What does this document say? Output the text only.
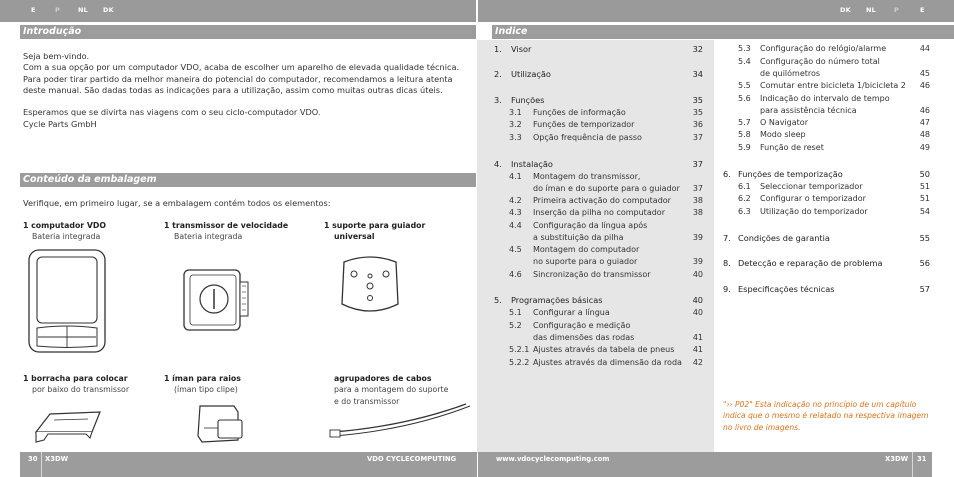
E	P	NL DK	DK NL	P	E
Introdução
Seja bem-vindo.
Com a sua opção por um computador VDO, acaba de escolher um aparelho de elevada qualidade técnica.
Para poder tirar partido da melhor maneira do potencial do computador, recomendamos a leitura atenta
deste manual. São dadas todas as indicações para a utilização, assim como muitas outras dicas úteis.
Esperamos que se divirta nas viagens com o seu ciclo-computador VDO.
Cycle Parts GmbH
Conteúdo da embalagem
Verifique, em primeiro lugar, se a embalagem contém todos os elementos:
1 computador VDO
Bateria integrada
1 transmissor de velocidade
Bateria integrada
1 suporte para guiador
universal
1 borracha para colocar
por baixo do transmissor
1 íman para raios
(íman tipo clipe)
agrupadores de cabos
para a montagem do suporte
e do transmissor
Indice
1. Visor	32
2. Utilização	34
3. Funções	35
3.1 Funções de informação	35
3.2 Funções de temporizador	36
3.3 Opção frequência de passo	37
4. Instalação	37
4.1 Montagem do transmissor,
do íman e do suporte para o guiador	37
4.2 Primeira activação do computador	38
4.3 Inserção da pilha no computador	38
4.4 Configuração da língua após
a substituição da pilha	39
4.5 Montagem do computador
no suporte para o guiador	39
4.6 Sincronização do transmissor	40
5. Programações básicas	40
5.1 Configurar a língua	40
5.2 Configuração e medição
das dimensões das rodas	41
5.2.1 Ajustes através da tabela de pneus	41
5.2.2 Ajustes através da dimensão da roda	42
5.3 Configuração do relógio/alarme	44
5.4 Configuração do número total
de quilómetros	45
5.5 Comutar entre bicicleta 1/bicicleta 2	46
5.6 Indicação do intervalo de tempo
para assistência técnica	46
5.7 O Navigator	47
5.8 Modo sleep	48
5.9 Função de reset	49
6. Funções de temporização	50
6.1 Seleccionar temporizador	51
6.2 Configurar o temporizador	51
6.3 Utilização do temporizador	54
7. Condições de garantia	55
8. Detecção e reparação de problema	56
9. Especificações técnicas	57
"›› P02" Esta indicação no princípio de um capítulo indica que o mesmo é relatado na respectiva imagem no livro de imagens.
30 X3DW	VDO CYCLECOMPUTING	www.vdocyclecomputing.com	X3DW 31
